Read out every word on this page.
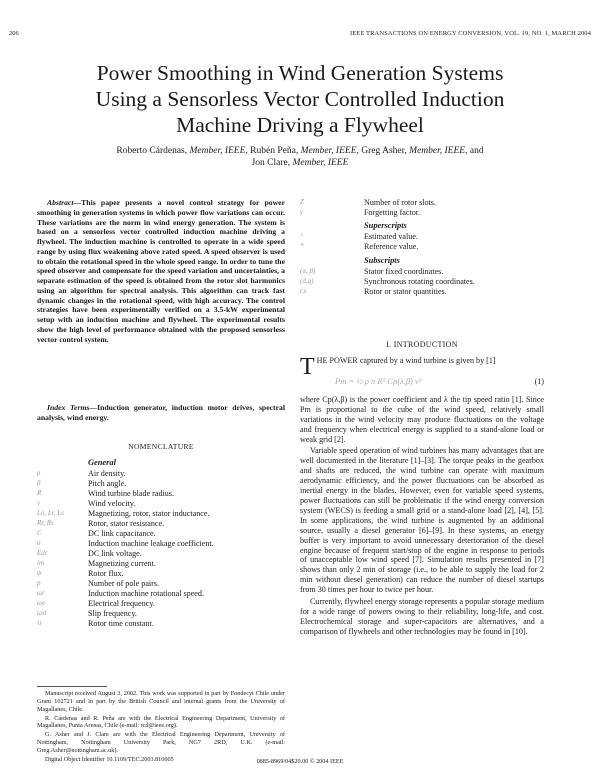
206	IEEE TRANSACTIONS ON ENERGY CONVERSION, VOL. 19, NO. 1, MARCH 2004
Power Smoothing in Wind Generation Systems
Using a Sensorless Vector Controlled Induction
Machine Driving a Flywheel
Roberto Cárdenas, Member, IEEE, Rubén Peña, Member, IEEE, Greg Asher, Member, IEEE, and
Jon Clare, Member, IEEE
Abstract—This paper presents a novel control strategy for power smoothing in generation systems in which power flow variations can occur. These variations are the norm in wind energy generation. The system is based on a sensorless vector controlled induction machine driving a flywheel. The induction machine is controlled to operate in a wide speed range by using flux weakening above rated speed. A speed observer is used to obtain the rotational speed in the whole speed range. In order to tune the speed observer and compensate for the speed variation and uncertainties, a separate estimation of the speed is obtained from the rotor slot harmonics using an algorithm for spectral analysis. This algorithm can track fast dynamic changes in the rotational speed, with high accuracy. The control strategies have been experimentally verified on a 3.5-kW experimental setup with an induction machine and flywheel. The experimental results show the high level of performance obtained with the proposed sensorless vector control system.
Index Terms—Induction generator, induction motor drives, spectral analysis, wind energy.
NOMENCLATURE
General
ρ	Air density.
β	Pitch angle.
R	Wind turbine blade radius.
v	Wind velocity.
Lo, Lr, Ls	Magnetizing, rotor, stator inductance.
Rr, Rs	Rotor, stator resistance.
C	DC link capacitance.
σ	Induction machine leakage coefficient.
Edc	DC link voltage.
im	Magnetizing current.
ψ	Rotor flux.
p	Number of pole pairs.
ωr	Induction machine rotational speed.
ωe	Electrical frequency.
ωsl	Slip frequency.
τr	Rotor time constant.

Manuscript received August 3, 2002. This work was supported in part by Fondecyt Chile under Grant 102721 and in part by the British Council and internal grants from the University of Magallanes, Chile.

R. Cárdenas and R. Peña are with the Electrical Engineering Department, University of Magallanes, Punta Arenas, Chile (e-mail: rcd@ieee.org).

G. Asher and J. Clare are with the Electrical Engineering Department, University of Nottingham, Nottingham University Park, NG7 2RD, U.K. (e-mail: Greg.Asher@nottingham.ac.uk).

Digital Object Identifier 10.1109/TEC.2003.816605

Z	Number of rotor slots.
γ	Forgetting factor.
Superscripts
^	Estimated value.
*	Reference value.
Subscripts
(α, β)	Stator fixed coordinates.
(d,q)	Synchronous rotating coordinates.
r,s	Rotor or stator quantities.
I. INTRODUCTION
THE POWER captured by a wind turbine is given by [1]
Pm = ½ ρ π R² Cp(λ,β) v³	(1)

where Cp(λ,β) is the power coefficient and λ the tip speed ratio [1]. Since Pm is proportional to the cube of the wind speed, relatively small variations in the wind velocity may produce fluctuations on the voltage and frequency when electrical energy is supplied to a stand-alone load or weak grid [2].

Variable speed operation of wind turbines has many advantages that are well documented in the literature [1]–[3]. The torque peaks in the gearbox and shafts are reduced, the wind turbine can operate with maximum aerodynamic efficiency, and the power fluctuations can be absorbed as inertial energy in the blades. However, even for variable speed systems, power fluctuations can still be problematic if the wind energy conversion system (WECS) is feeding a small grid or a stand-alone load [2], [4], [5]. In some applications, the wind turbine is augmented by an additional source, usually a diesel generator [6]–[9]. In these systems, an energy buffer is very important to avoid unnecessary deterioration of the diesel engine because of frequent start/stop of the engine in response to periods of unacceptable low wind speed [7]. Simulation results presented in [7] shows than only 2 min of storage (i.e., to be able to supply the load for 2 min without diesel generation) can reduce the number of diesel startups from 30 times per hour to twice per hour.

Currently, flywheel energy storage represents a popular storage medium for a wide range of powers owing to their reliability, long-life, and cost. Electrochemical storage and super-capacitors are alternatives, and a comparison of flywheels and other technologies may be found in [10].

0885-8969/04$20.00 © 2004 IEEE
